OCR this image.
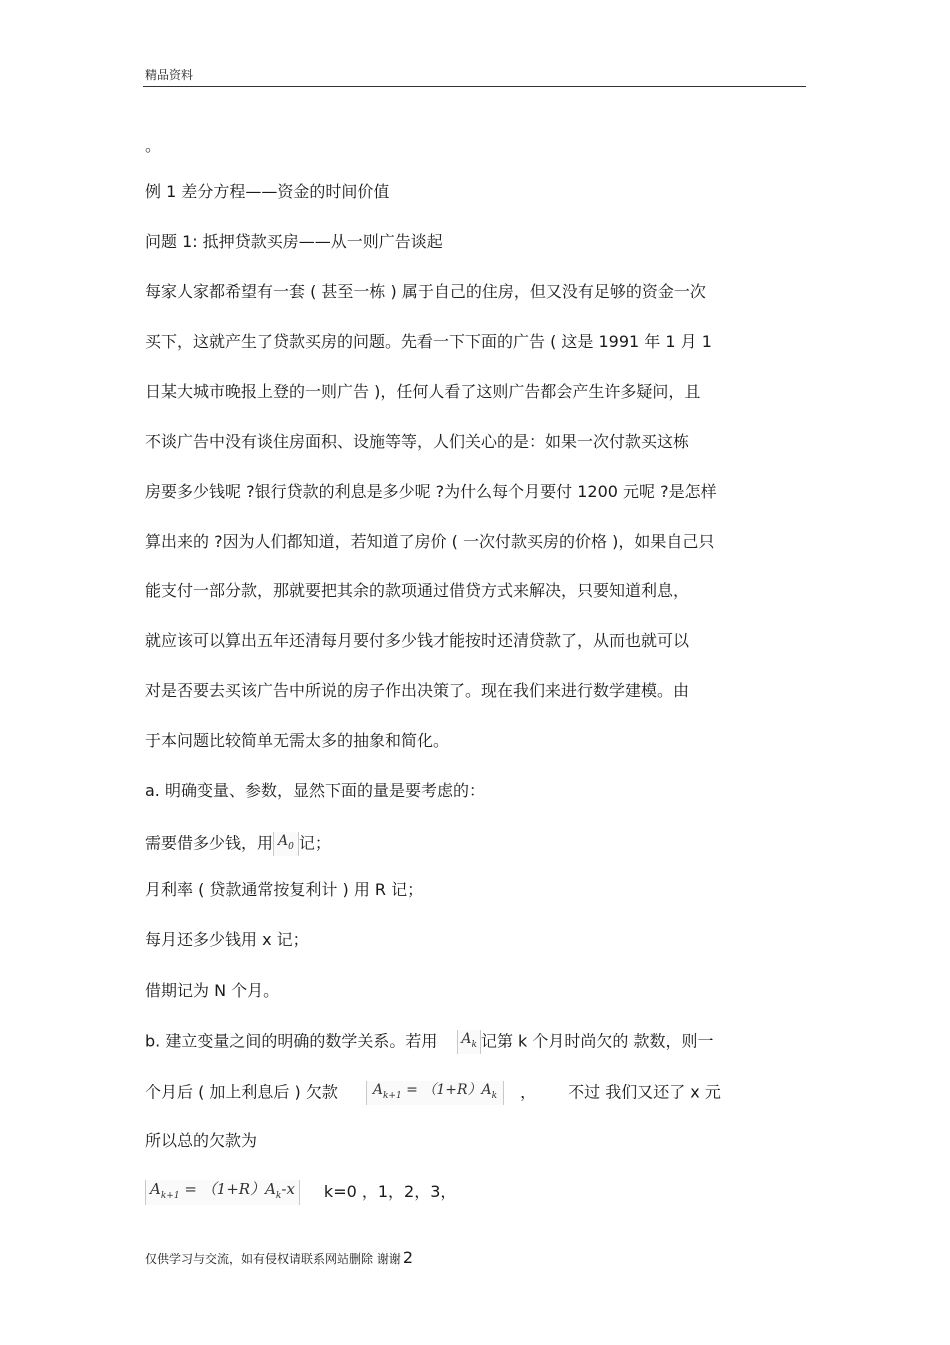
精品资料
。
例 1 差分方程——资金的时间价值
问题 1: 抵押贷款买房——从一则广告谈起
每家人家都希望有一套 ( 甚至一栋 ) 属于自己的住房，但又没有足够的资金一次
买下，这就产生了贷款买房的问题。先看一下下面的广告 ( 这是 1991 年 1 月 1
日某大城市晚报上登的一则广告 )，任何人看了这则广告都会产生许多疑问，且
不谈广告中没有谈住房面积、设施等等，人们关心的是：如果一次付款买这栋
房要多少钱呢 ?银行贷款的利息是多少呢 ?为什么每个月要付 1200 元呢 ?是怎样
算出来的 ?因为人们都知道，若知道了房价 ( 一次付款买房的价格 )，如果自己只
能支付一部分款，那就要把其余的款项通过借贷方式来解决，只要知道利息，
就应该可以算出五年还清每月要付多少钱才能按时还清贷款了，从而也就可以
对是否要去买该广告中所说的房子作出决策了。现在我们来进行数学建模。由
于本问题比较简单无需太多的抽象和简化。
a. 明确变量、参数，显然下面的量是要考虑的：
需要借多少钱，用 $A_0$ 记；
月利率 ( 贷款通常按复利计 ) 用 R 记；
每月还多少钱用 x 记；
借期记为 N 个月。
b. 建立变量之间的明确的数学关系。若用 $A_k$ 记第 k 个月时尚欠的 款数，则一
个月后 ( 加上利息后 ) 欠款	$A_{k+1} = (1+R)A_k$ ， 不过 我们又还了 x 元
所以总的欠款为
$A_{k+1} = (1+R)A_k-x$ k=0 ，1，2，3，
仅供学习与交流，如有侵权请联系网站删除 谢谢 2
